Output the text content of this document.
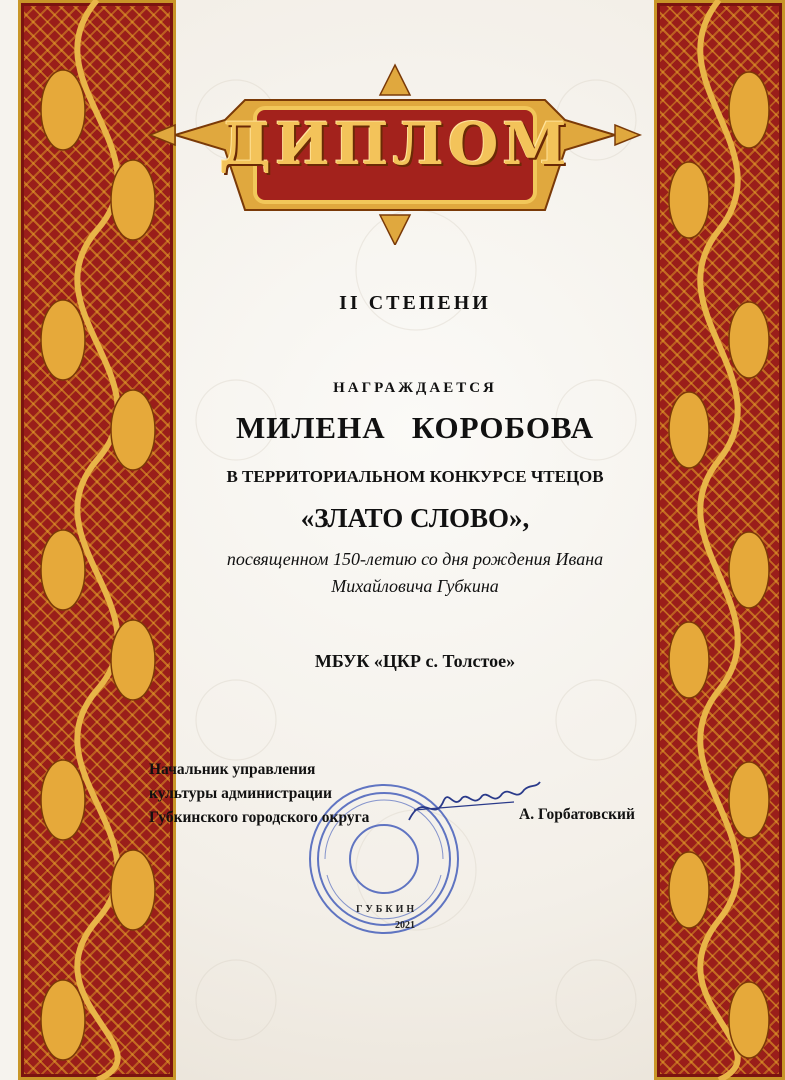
ДИПЛОМ
II СТЕПЕНИ
НАГРАЖДАЕТСЯ
МИЛЕНА   КОРОБОВА
В ТЕРРИТОРИАЛЬНОМ КОНКУРСЕ ЧТЕЦОВ
«ЗЛАТО СЛОВО»,
посвященном 150-летию со дня рождения Ивана
Михайловича Губкина
МБУК «ЦКР с. Толстое»
Начальник управления
культуры администрации
Губкинского городского округа	А. Горбатовский
ГУБКИН
2021
